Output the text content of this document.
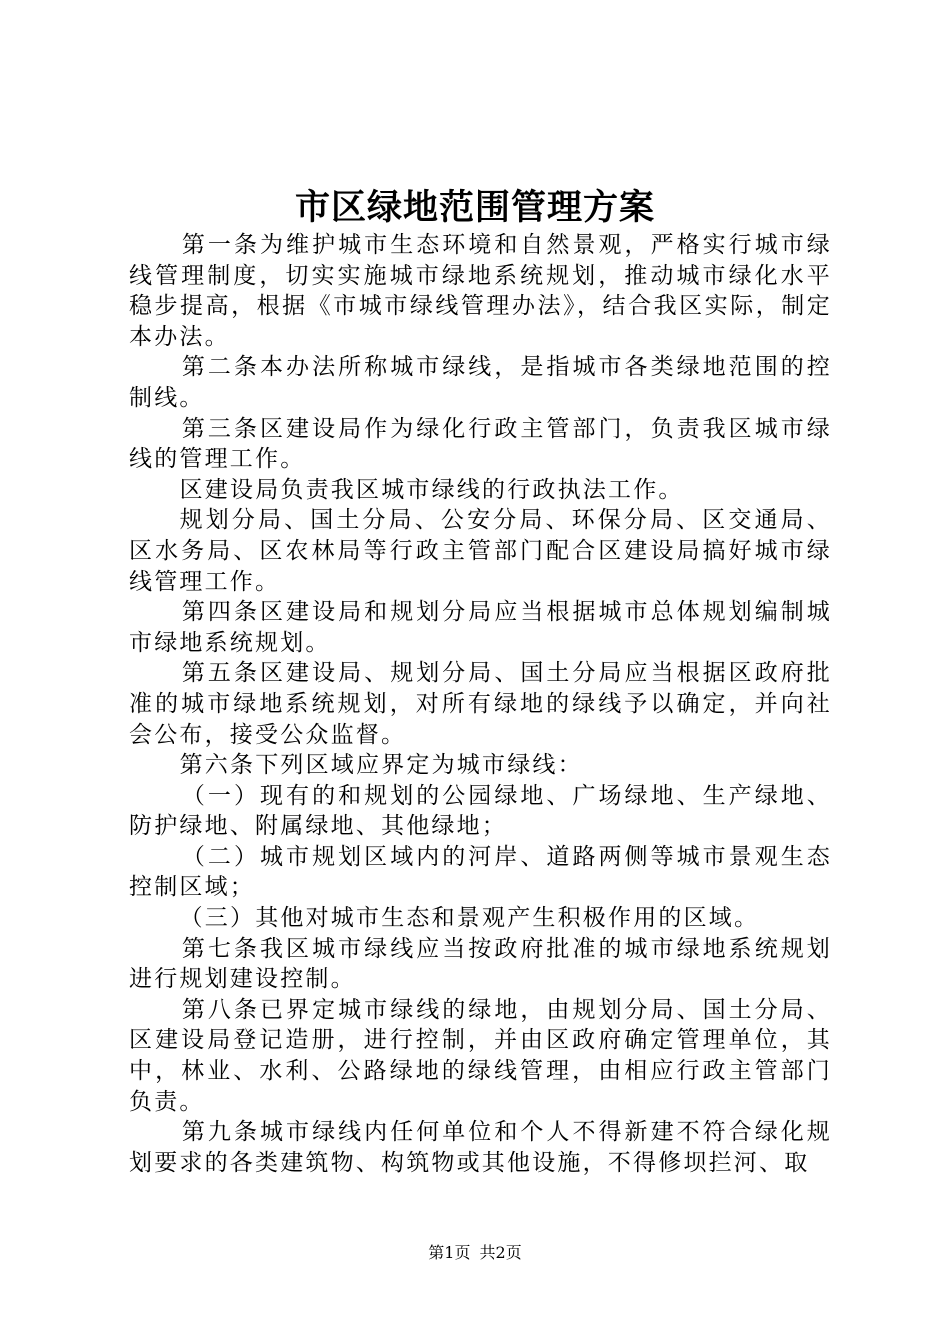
市区绿地范围管理方案

第一条为维护城市生态环境和自然景观，严格实行城市绿线管理制度，切实实施城市绿地系统规划，推动城市绿化水平稳步提高，根据《市城市绿线管理办法》，结合我区实际，制定本办法。

第二条本办法所称城市绿线，是指城市各类绿地范围的控制线。

第三条区建设局作为绿化行政主管部门，负责我区城市绿线的管理工作。

区建设局负责我区城市绿线的行政执法工作。

规划分局、国土分局、公安分局、环保分局、区交通局、区水务局、区农林局等行政主管部门配合区建设局搞好城市绿线管理工作。

第四条区建设局和规划分局应当根据城市总体规划编制城市绿地系统规划。

第五条区建设局、规划分局、国土分局应当根据区政府批准的城市绿地系统规划，对所有绿地的绿线予以确定，并向社会公布，接受公众监督。

第六条下列区域应界定为城市绿线：

（一）现有的和规划的公园绿地、广场绿地、生产绿地、防护绿地、附属绿地、其他绿地；

（二）城市规划区域内的河岸、道路两侧等城市景观生态控制区域；

（三）其他对城市生态和景观产生积极作用的区域。

第七条我区城市绿线应当按政府批准的城市绿地系统规划进行规划建设控制。

第八条已界定城市绿线的绿地，由规划分局、国土分局、区建设局登记造册，进行控制，并由区政府确定管理单位，其中，林业、水利、公路绿地的绿线管理，由相应行政主管部门负责。

第九条城市绿线内任何单位和个人不得新建不符合绿化规划要求的各类建筑物、构筑物或其他设施，不得修坝拦河、取

第1页 共2页
